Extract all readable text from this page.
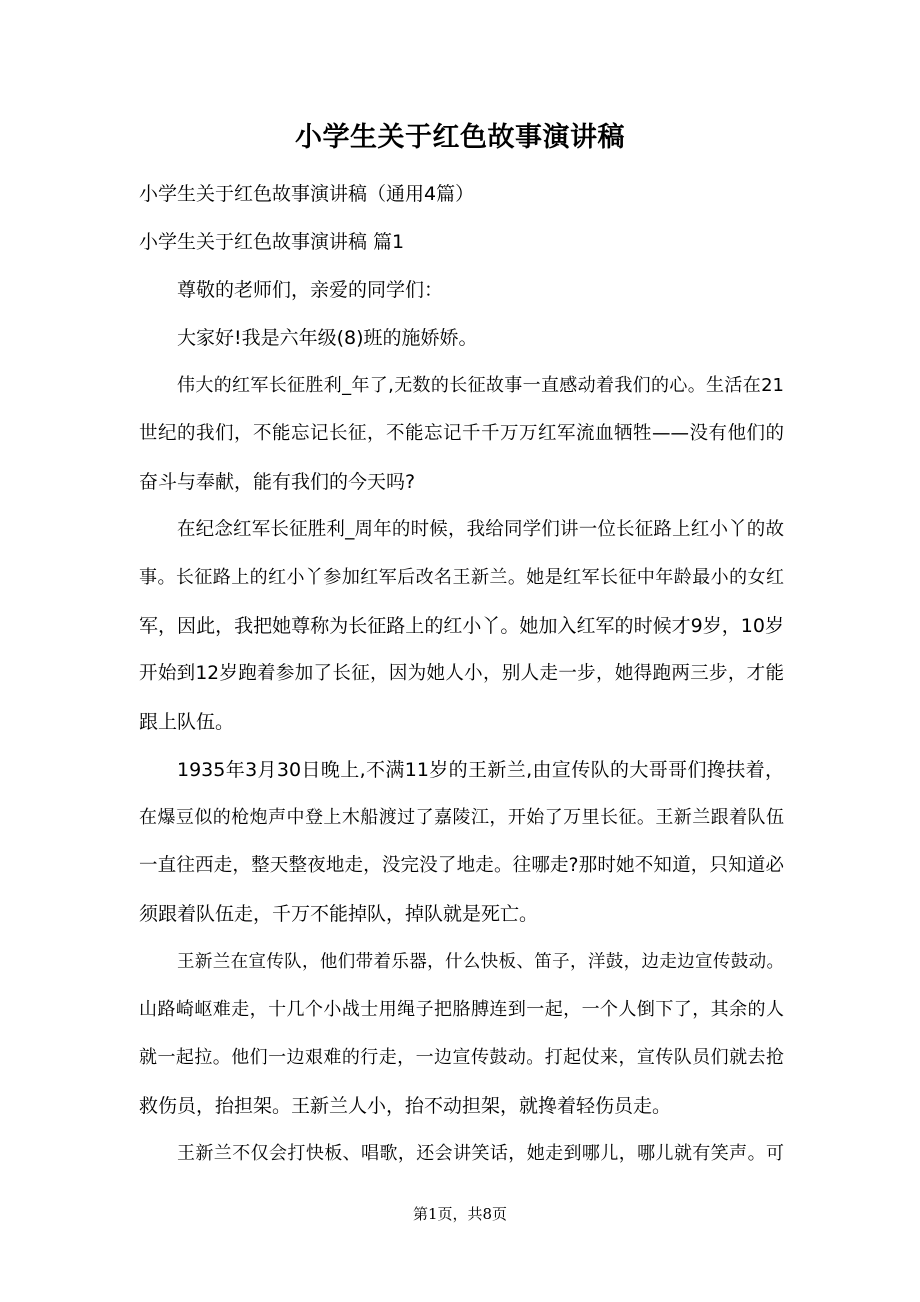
小学生关于红色故事演讲稿
小学生关于红色故事演讲稿（通用4篇）
小学生关于红色故事演讲稿 篇1
尊敬的老师们，亲爱的同学们：
大家好!我是六年级(8)班的施娇娇。
伟大的红军长征胜利_年了,无数的长征故事一直感动着我们的心。生活在21
世纪的我们，不能忘记长征，不能忘记千千万万红军流血牺牲——没有他们的
奋斗与奉献，能有我们的今天吗?
在纪念红军长征胜利_周年的时候，我给同学们讲一位长征路上红小丫的故
事。长征路上的红小丫参加红军后改名王新兰。她是红军长征中年龄最小的女红
军，因此，我把她尊称为长征路上的红小丫。她加入红军的时候才9岁，10岁
开始到12岁跑着参加了长征，因为她人小，别人走一步，她得跑两三步，才能
跟上队伍。
1935年3月30日晚上,不满11岁的王新兰,由宣传队的大哥哥们搀扶着，
在爆豆似的枪炮声中登上木船渡过了嘉陵江，开始了万里长征。王新兰跟着队伍
一直往西走，整天整夜地走，没完没了地走。往哪走?那时她不知道，只知道必
须跟着队伍走，千万不能掉队，掉队就是死亡。
王新兰在宣传队，他们带着乐器，什么快板、笛子，洋鼓，边走边宣传鼓动。
山路崎岖难走，十几个小战士用绳子把胳膊连到一起，一个人倒下了，其余的人
就一起拉。他们一边艰难的行走，一边宣传鼓动。打起仗来，宣传队员们就去抢
救伤员，抬担架。王新兰人小，抬不动担架，就搀着轻伤员走。
王新兰不仅会打快板、唱歌，还会讲笑话，她走到哪儿，哪儿就有笑声。可
第1页，共8页
